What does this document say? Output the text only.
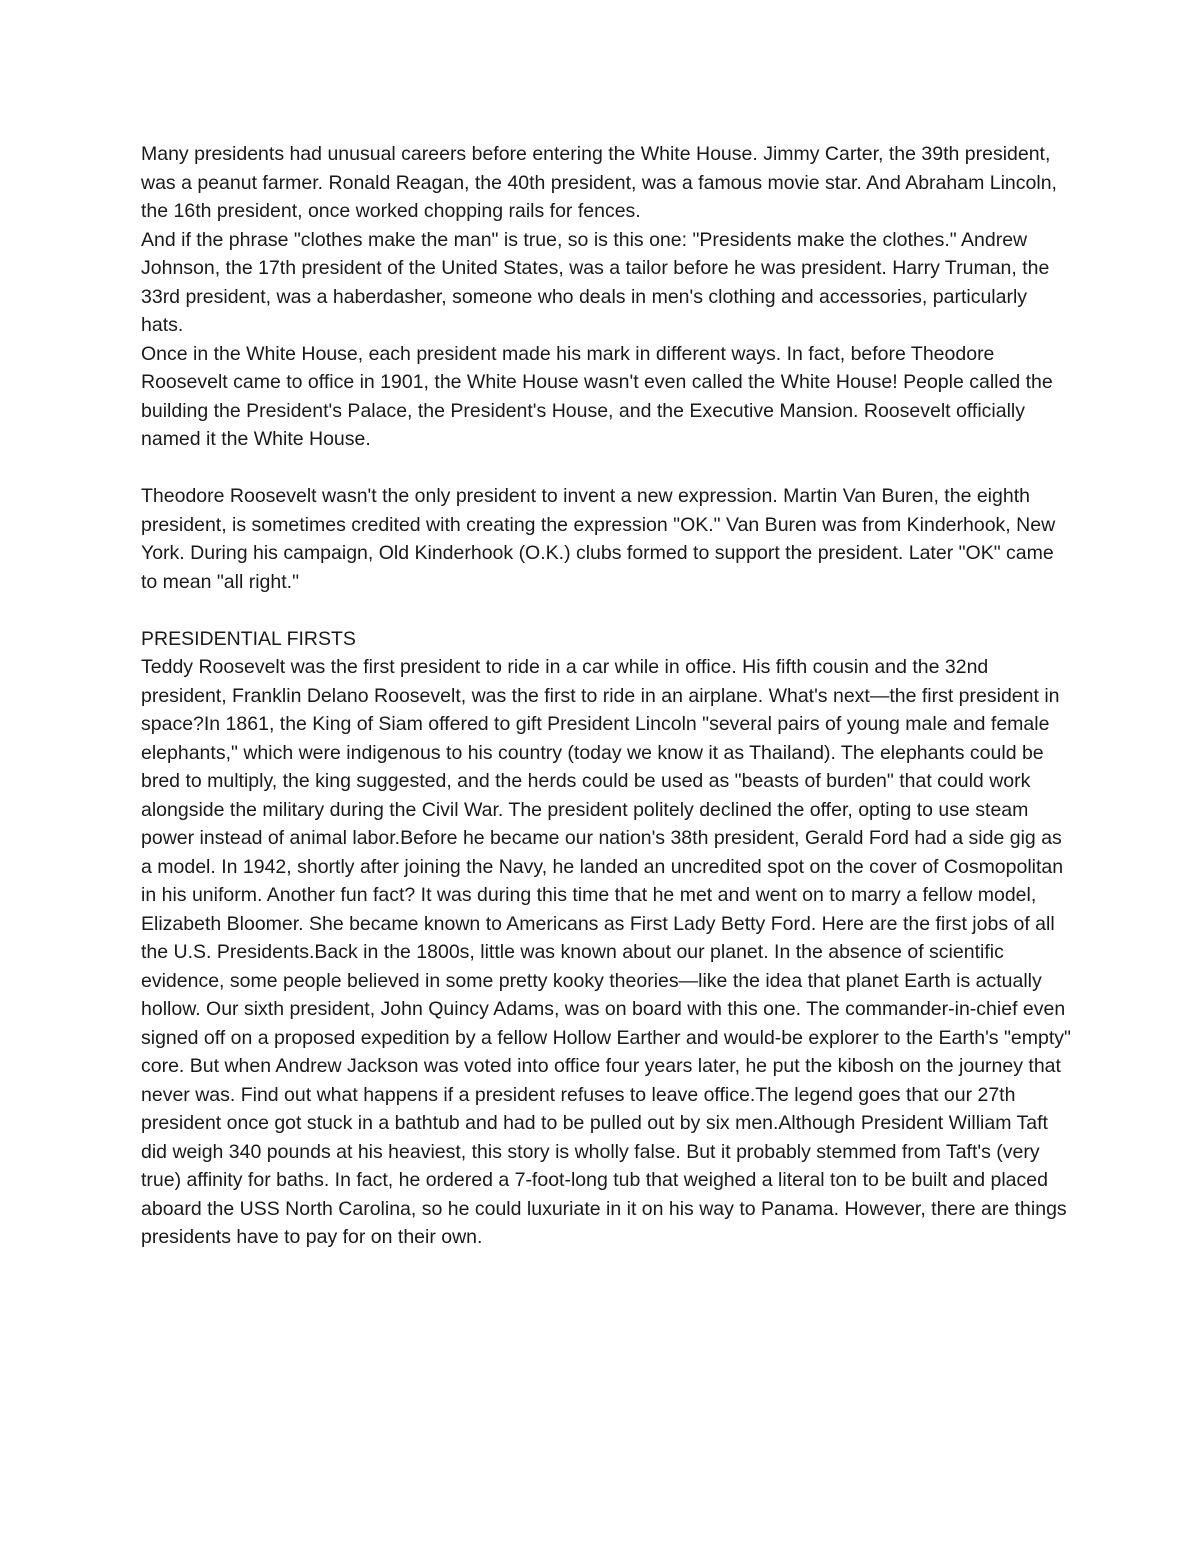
Many presidents had unusual careers before entering the White House. Jimmy Carter, the 39th president, was a peanut farmer. Ronald Reagan, the 40th president, was a famous movie star. And Abraham Lincoln, the 16th president, once worked chopping rails for fences.

And if the phrase "clothes make the man" is true, so is this one: "Presidents make the clothes." Andrew Johnson, the 17th president of the United States, was a tailor before he was president. Harry Truman, the 33rd president, was a haberdasher, someone who deals in men's clothing and accessories, particularly hats.

Once in the White House, each president made his mark in different ways. In fact, before Theodore Roosevelt came to office in 1901, the White House wasn't even called the White House! People called the building the President's Palace, the President's House, and the Executive Mansion. Roosevelt officially named it the White House.

Theodore Roosevelt wasn't the only president to invent a new expression. Martin Van Buren, the eighth president, is sometimes credited with creating the expression "OK." Van Buren was from Kinderhook, New York. During his campaign, Old Kinderhook (O.K.) clubs formed to support the president. Later "OK" came to mean "all right."

PRESIDENTIAL FIRSTS

Teddy Roosevelt was the first president to ride in a car while in office. His fifth cousin and the 32nd president, Franklin Delano Roosevelt, was the first to ride in an airplane. What's next—the first president in space?In 1861, the King of Siam offered to gift President Lincoln "several pairs of young male and female elephants," which were indigenous to his country (today we know it as Thailand). The elephants could be bred to multiply, the king suggested, and the herds could be used as "beasts of burden" that could work alongside the military during the Civil War. The president politely declined the offer, opting to use steam power instead of animal labor.Before he became our nation's 38th president, Gerald Ford had a side gig as a model. In 1942, shortly after joining the Navy, he landed an uncredited spot on the cover of Cosmopolitan in his uniform. Another fun fact? It was during this time that he met and went on to marry a fellow model, Elizabeth Bloomer. She became known to Americans as First Lady Betty Ford. Here are the first jobs of all the U.S. Presidents.Back in the 1800s, little was known about our planet. In the absence of scientific evidence, some people believed in some pretty kooky theories—like the idea that planet Earth is actually hollow. Our sixth president, John Quincy Adams, was on board with this one. The commander-in-chief even signed off on a proposed expedition by a fellow Hollow Earther and would-be explorer to the Earth's "empty" core. But when Andrew Jackson was voted into office four years later, he put the kibosh on the journey that never was. Find out what happens if a president refuses to leave office.The legend goes that our 27th president once got stuck in a bathtub and had to be pulled out by six men.Although President William Taft did weigh 340 pounds at his heaviest, this story is wholly false. But it probably stemmed from Taft's (very true) affinity for baths. In fact, he ordered a 7-foot-long tub that weighed a literal ton to be built and placed aboard the USS North Carolina, so he could luxuriate in it on his way to Panama. However, there are things presidents have to pay for on their own.
